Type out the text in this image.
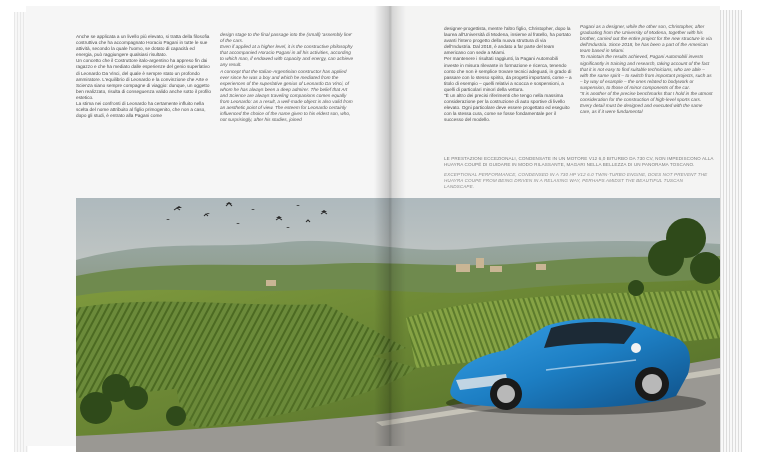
Anche se applicata a un livello più elevato, si tratta della filosofia costruttiva che ha accompagnato Horacio Pagani in tutte le sue attività, secondo la quale l'uomo, se dotato di capacità ed energia, può raggiungere qualsiasi risultato.
Un concetto che il Costruttore italo-argentino ha appreso fin dai ragazzo e che ha mediato dalle esperienze del genio superlativo di Leonardo Da Vinci, del quale è sempre stato un profondo ammiratore. L'equilibrio di Leonardo e la convinzione che Arte e Scienza siano sempre compagne di viaggio: dunque, un oggetto ben realizzato, risulta di conseguenza valido anche sotto il profilo estetico.
La stima nei confronti di Leonardo ha certamente influito nella scelta del nome attribuito al figlio primogenito, che non a caso, dopo gli studi, è entrato alla Pagani come
design stage to the final passage into the (small) 'assembly line' of the cars.
Even if applied at a higher level, it is the constructive philosophy that accompanied Horacio Pagani in all his activities, according to which man, if endowed with capacity and energy, can achieve any result.
A concept that the Italian-Argentinian constructor has applied ever since he was a boy and which he mediated from the experiences of the superlative genius of Leonardo Da Vinci, of whom he has always been a deep admirer. The belief that Art and Science are always traveling companions comes equally from Leonardo: as a result, a well-made object is also valid from an aesthetic point of view. The esteem for Leonardo certainly influenced the choice of the name given to his eldest son, who, not surprisingly, after his studies, joined
designer-progettista, mentre l'altro figlio, Christopher, dopo la laurea all'Università di Modena, insieme al fratello, ha portato avanti l'intero progetto della nuova struttura di via dell'Industria. Dal 2018, è andato a far parte del team americano con sede a Miami.
Per mantenere i risultati raggiunti, la Pagani Automobili investe in misura rilevante in formazione e ricerca, tenendo conto che non è semplice trovare tecnici adeguati, in grado di passare con lo stesso spirito, da progetti importanti, come – a titolo di esempio – quelli relativi a scocca e sospensioni, a quelli di particolari minori della vettura.
"È un altro dei precisi riferimenti che tengo nella massima considerazione per la costruzione di auto sportive di livello elevato. Ogni particolare deve essere progettato ed eseguito con la stessa cura, come se fosse fondamentale per il successo del modello.
Pagani as a designer, while the other son, Christopher, after graduating from the University of Modena, together with his brother, carried out the entire project for the new structure in via dell'Industria. Since 2018, he has been a part of the American team based in Miami.
To maintain the results achieved, Pagani Automobili invests significantly in training and research, taking account of the fact that it is not easy to find suitable technicians, who are able – with the same spirit – to switch from important projects, such as – by way of example – the ones related to bodywork or suspension, to those of minor components of the car.
"It is another of the precise benchmarks that I hold in the utmost consideration for the construction of high-level sports cars. Every detail must be designed and executed with the same care, as if it were fundamental
LE PRESTAZIONI ECCEZIONALI, CONDENSATE IN UN MOTORE V12 6,0 BITURBO DA 730 CV, NON IMPEDISCONO ALLA HUAYRA COUPÉ DI GUIDARE IN MODO RILASSANTE, MAGARI NELLA BELLEZZA DI UN PANORAMA TOSCANO.
EXCEPTIONAL PERFORMANCE, CONDENSED IN A 730 HP V12 6.0 TWIN-TURBO ENGINE, DOES NOT PREVENT THE HUAYRA COUPE FROM BEING DRIVEN IN A RELAXING WAY, PERHAPS AMIDST THE BEAUTIFUL TUSCAN LANDSCAPE.
